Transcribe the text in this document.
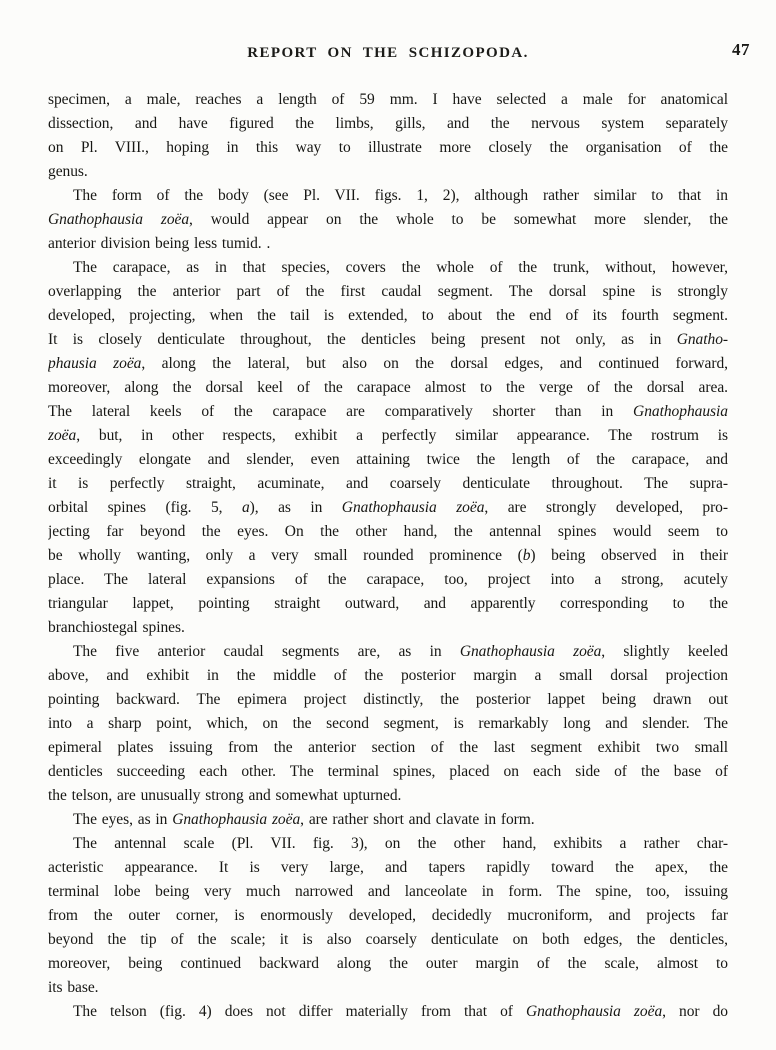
REPORT ON THE SCHIZOPODA.	47

specimen, a male, reaches a length of 59 mm. I have selected a male for anatomical
dissection, and have figured the limbs, gills, and the nervous system separately
on Pl. VIII., hoping in this way to illustrate more closely the organisation of the
genus.

The form of the body (see Pl. VII. figs. 1, 2), although rather similar to that in
Gnathophausia zoëa, would appear on the whole to be somewhat more slender, the
anterior division being less tumid. .

The carapace, as in that species, covers the whole of the trunk, without, however,
overlapping the anterior part of the first caudal segment. The dorsal spine is strongly
developed, projecting, when the tail is extended, to about the end of its fourth segment.
It is closely denticulate throughout, the denticles being present not only, as in Gnatho-
phausia zoëa, along the lateral, but also on the dorsal edges, and continued forward,
moreover, along the dorsal keel of the carapace almost to the verge of the dorsal area.
The lateral keels of the carapace are comparatively shorter than in Gnathophausia
zoëa, but, in other respects, exhibit a perfectly similar appearance. The rostrum is
exceedingly elongate and slender, even attaining twice the length of the carapace, and
it is perfectly straight, acuminate, and coarsely denticulate throughout. The supra-
orbital spines (fig. 5, a), as in Gnathophausia zoëa, are strongly developed, pro-
jecting far beyond the eyes. On the other hand, the antennal spines would seem to
be wholly wanting, only a very small rounded prominence (b) being observed in their
place. The lateral expansions of the carapace, too, project into a strong, acutely
triangular lappet, pointing straight outward, and apparently corresponding to the
branchiostegal spines.

The five anterior caudal segments are, as in Gnathophausia zoëa, slightly keeled
above, and exhibit in the middle of the posterior margin a small dorsal projection
pointing backward. The epimera project distinctly, the posterior lappet being drawn out
into a sharp point, which, on the second segment, is remarkably long and slender. The
epimeral plates issuing from the anterior section of the last segment exhibit two small
denticles succeeding each other. The terminal spines, placed on each side of the base of
the telson, are unusually strong and somewhat upturned.

The eyes, as in Gnathophausia zoëa, are rather short and clavate in form.

The antennal scale (Pl. VII. fig. 3), on the other hand, exhibits a rather char-
acteristic appearance. It is very large, and tapers rapidly toward the apex, the
terminal lobe being very much narrowed and lanceolate in form. The spine, too, issuing
from the outer corner, is enormously developed, decidedly mucroniform, and projects far
beyond the tip of the scale; it is also coarsely denticulate on both edges, the denticles,
moreover, being continued backward along the outer margin of the scale, almost to
its base.

The telson (fig. 4) does not differ materially from that of Gnathophausia zoëa, nor do
